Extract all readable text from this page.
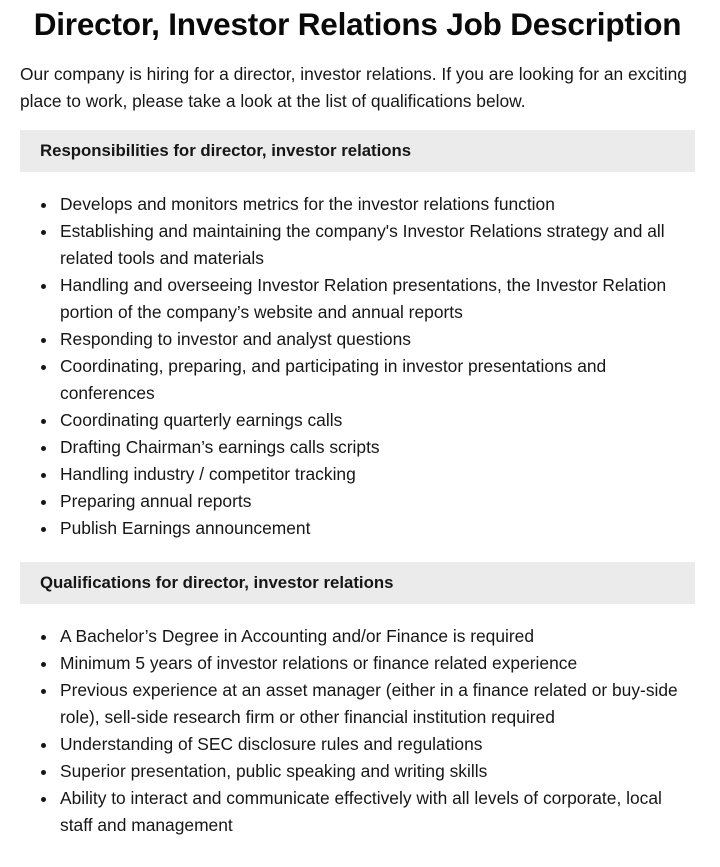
Director, Investor Relations Job Description

Our company is hiring for a director, investor relations. If you are looking for an exciting place to work, please take a look at the list of qualifications below.

Responsibilities for director, investor relations
Develops and monitors metrics for the investor relations function
Establishing and maintaining the company's Investor Relations strategy and all related tools and materials
Handling and overseeing Investor Relation presentations, the Investor Relation portion of the company’s website and annual reports
Responding to investor and analyst questions
Coordinating, preparing, and participating in investor presentations and conferences
Coordinating quarterly earnings calls
Drafting Chairman’s earnings calls scripts
Handling industry / competitor tracking
Preparing annual reports
Publish Earnings announcement
Qualifications for director, investor relations
A Bachelor’s Degree in Accounting and/or Finance is required
Minimum 5 years of investor relations or finance related experience
Previous experience at an asset manager (either in a finance related or buy-side role), sell-side research firm or other financial institution required
Understanding of SEC disclosure rules and regulations
Superior presentation, public speaking and writing skills
Ability to interact and communicate effectively with all levels of corporate, local staff and management
